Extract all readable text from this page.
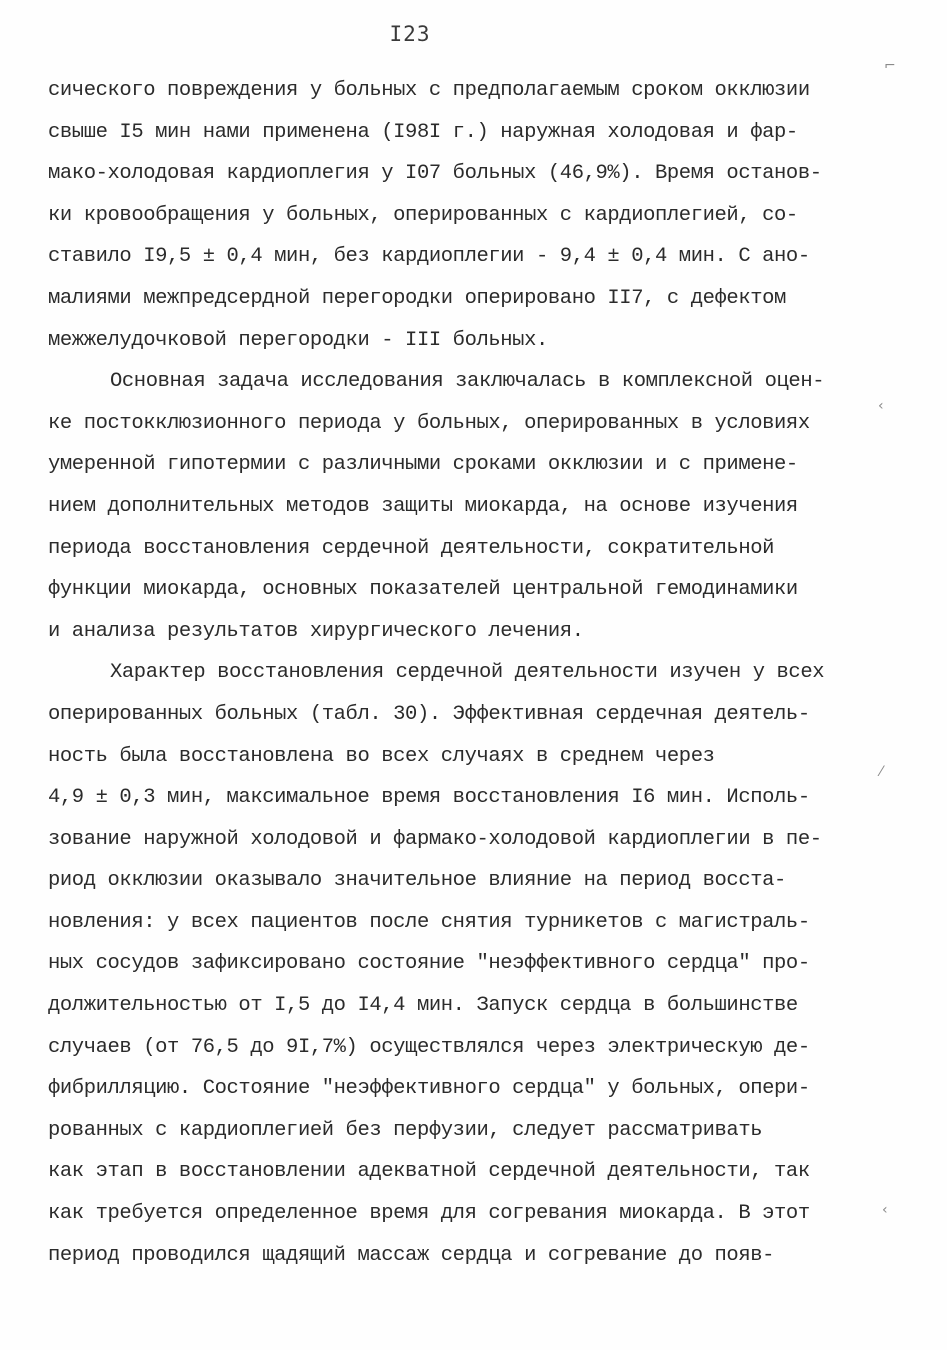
I23
сического повреждения у больных с предполагаемым сроком окклюзии
свыше I5 мин нами применена (I98I г.) наружная холодовая и фар-
мако-холодовая кардиоплегия у I07 больных (46,9%). Время останов-
ки кровообращения у больных, оперированных с кардиоплегией, со-
ставило I9,5 ± 0,4 мин, без кардиоплегии - 9,4 ± 0,4 мин. С ано-
малиями межпредсердной перегородки оперировано II7, с дефектом
межжелудочковой перегородки - III больных.
Основная задача исследования заключалась в комплексной оцен-
ке постокклюзионного периода у больных, оперированных в условиях
умеренной гипотермии с различными сроками окклюзии и с примене-
нием дополнительных методов защиты миокарда, на основе изучения
периода восстановления сердечной деятельности, сократительной
функции миокарда, основных показателей центральной гемодинамики
и анализа результатов хирургического лечения.
Характер восстановления сердечной деятельности изучен у всех
оперированных больных (табл. 30). Эффективная сердечная деятель-
ность была восстановлена во всех случаях в среднем через
4,9 ± 0,3 мин, максимальное время восстановления I6 мин. Исполь-
зование наружной холодовой и фармако-холодовой кардиоплегии в пе-
риод окклюзии оказывало значительное влияние на период восста-
новления: у всех пациентов после снятия турникетов с магистраль-
ных сосудов зафиксировано состояние "неэффективного сердца" про-
должительностью от I,5 до I4,4 мин. Запуск сердца в большинстве
случаев (от 76,5 до 9I,7%) осуществлялся через электрическую де-
фибрилляцию. Состояние "неэффективного сердца" у больных, опери-
рованных с кардиоплегией без перфузии, следует рассматривать
как этап в восстановлении адекватной сердечной деятельности, так
как требуется определенное время для согревания миокарда. В этот
период проводился щадящий массаж сердца и согревание до появ-
⌐
‹
⁄
‹
